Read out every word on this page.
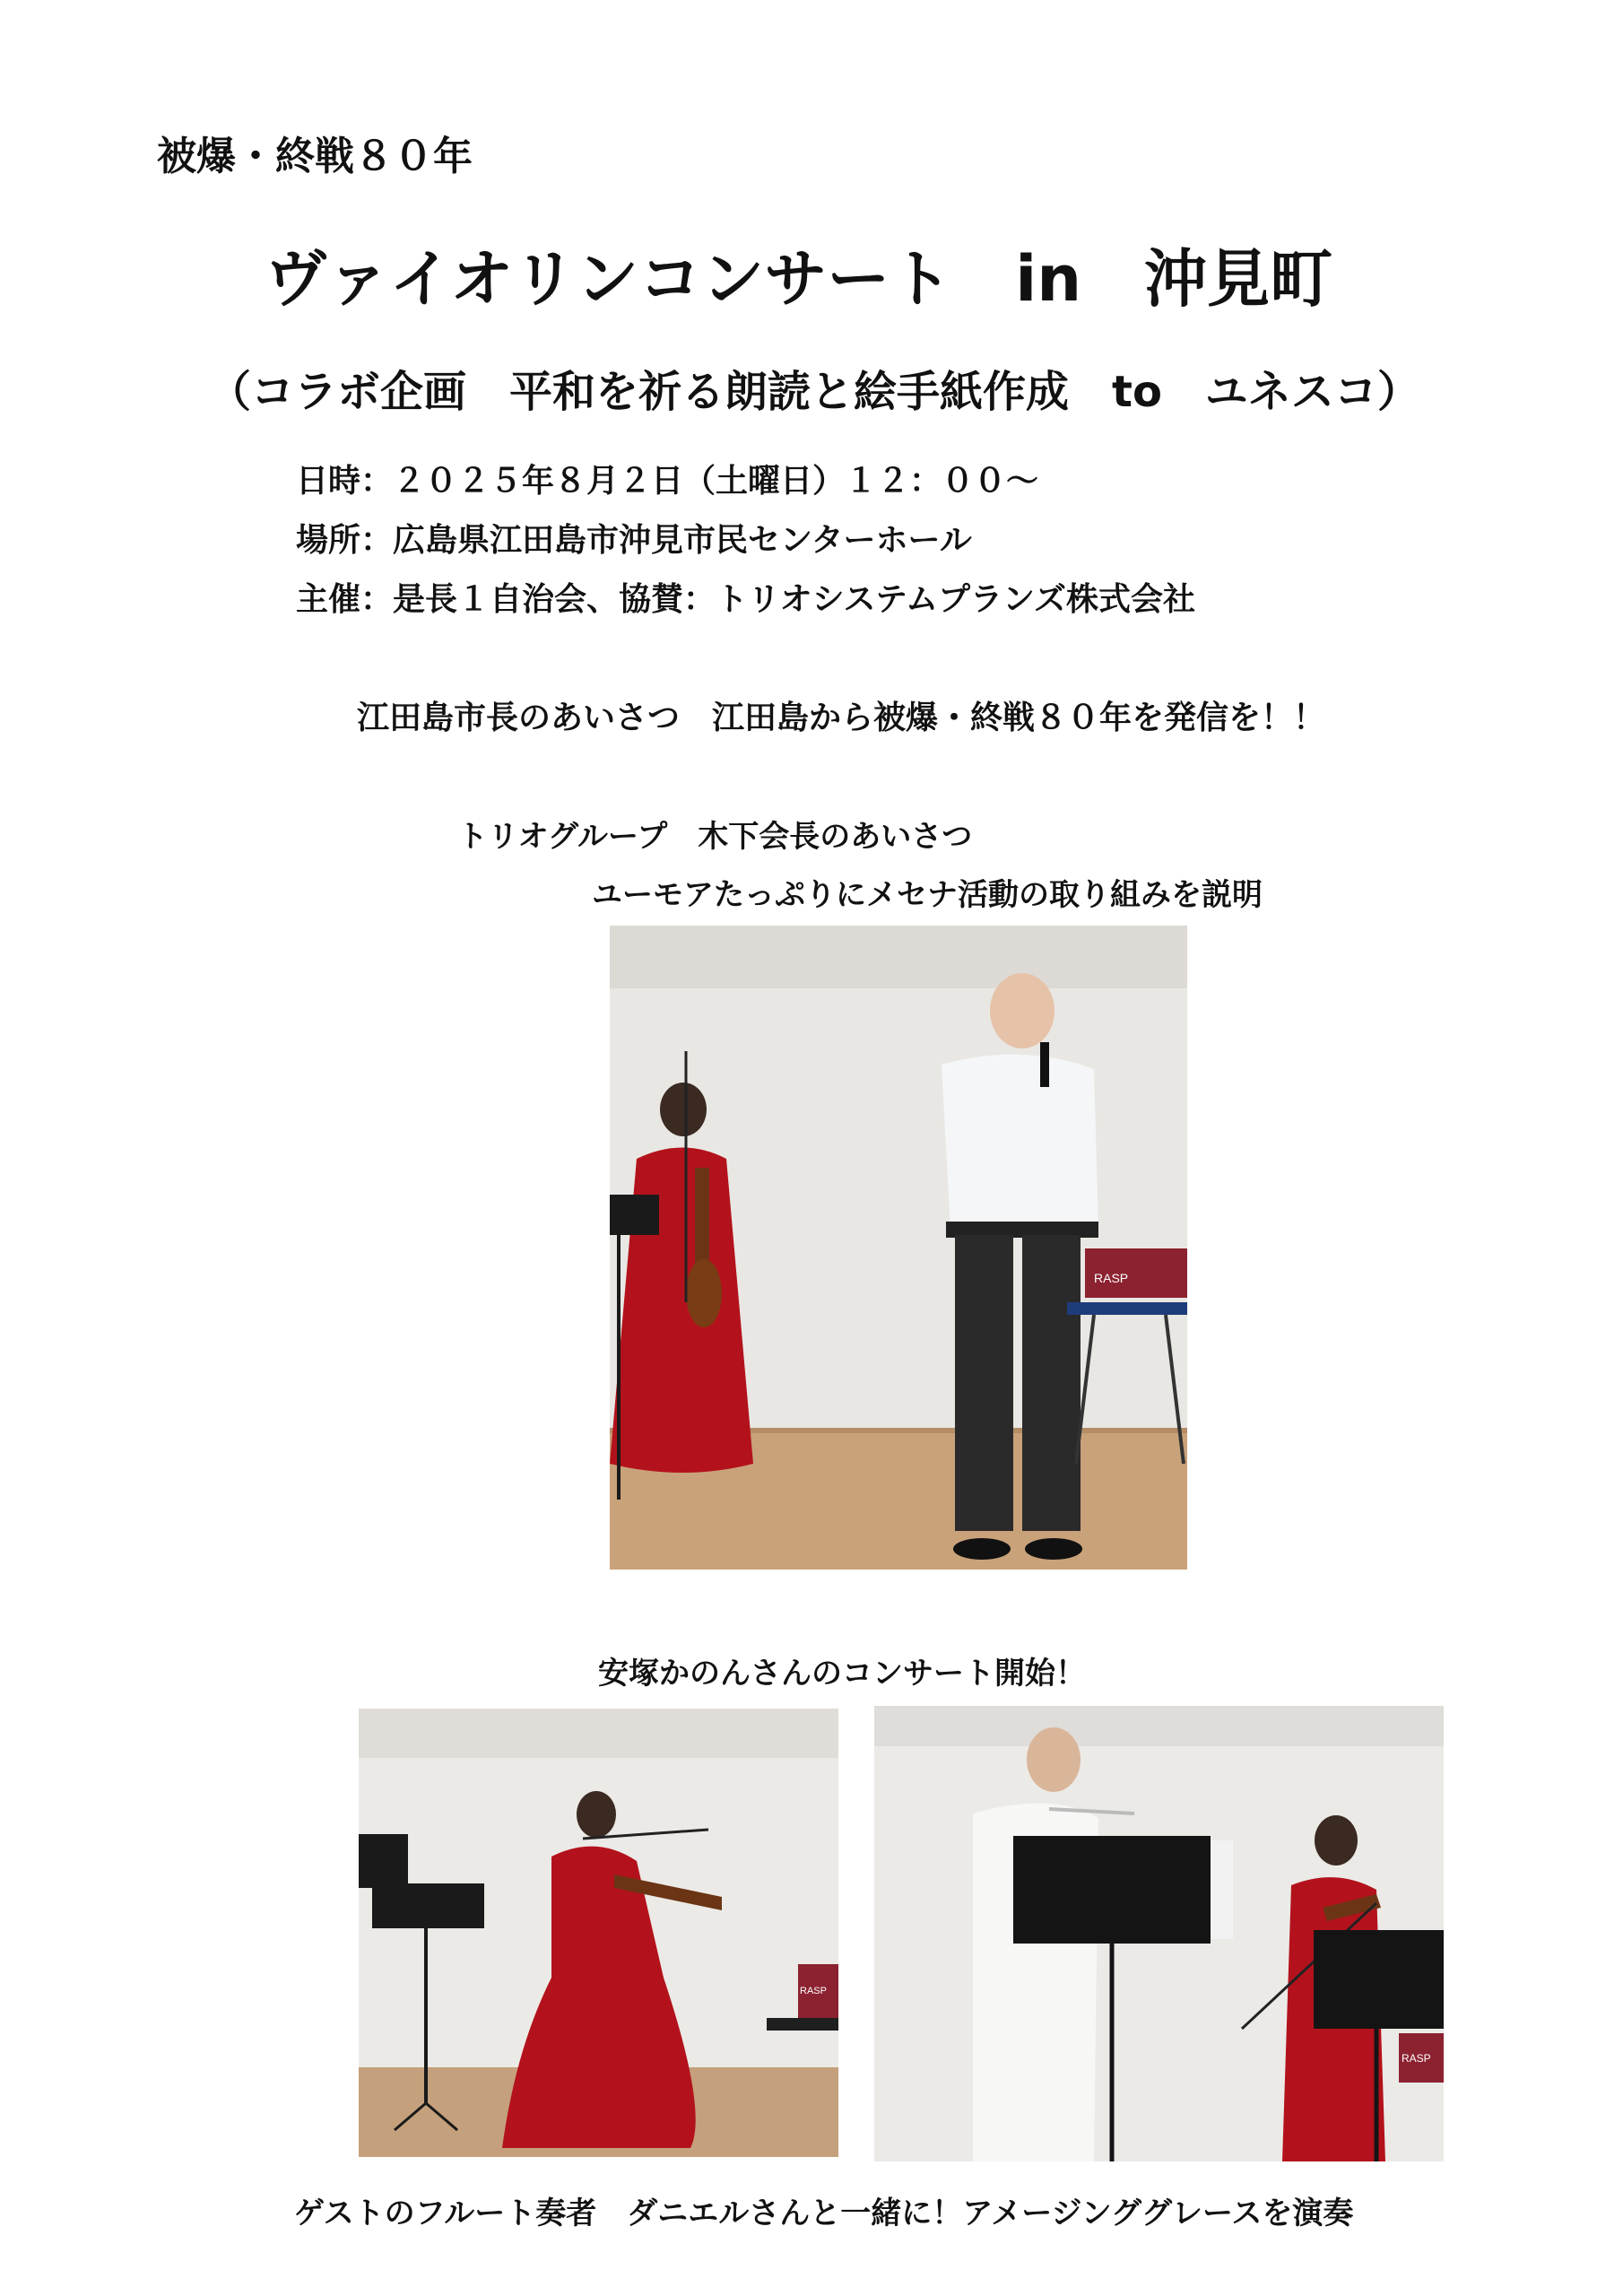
被爆・終戦８０年
ヴァイオリンコンサート　in　沖見町
（コラボ企画　平和を祈る朗読と絵手紙作成　to　ユネスコ）
日時：２０２５年８月２日（土曜日）１２：００～
場所：広島県江田島市沖見市民センターホール
主催：是長１自治会、協賛：トリオシステムプランズ株式会社
江田島市長のあいさつ　江田島から被爆・終戦８０年を発信を！！
トリオグループ　木下会長のあいさつ
ユーモアたっぷりにメセナ活動の取り組みを説明
RASP
安塚かのんさんのコンサート開始！
RASP
RASP
ゲストのフルート奏者　ダニエルさんと一緒に！アメージンググレースを演奏
